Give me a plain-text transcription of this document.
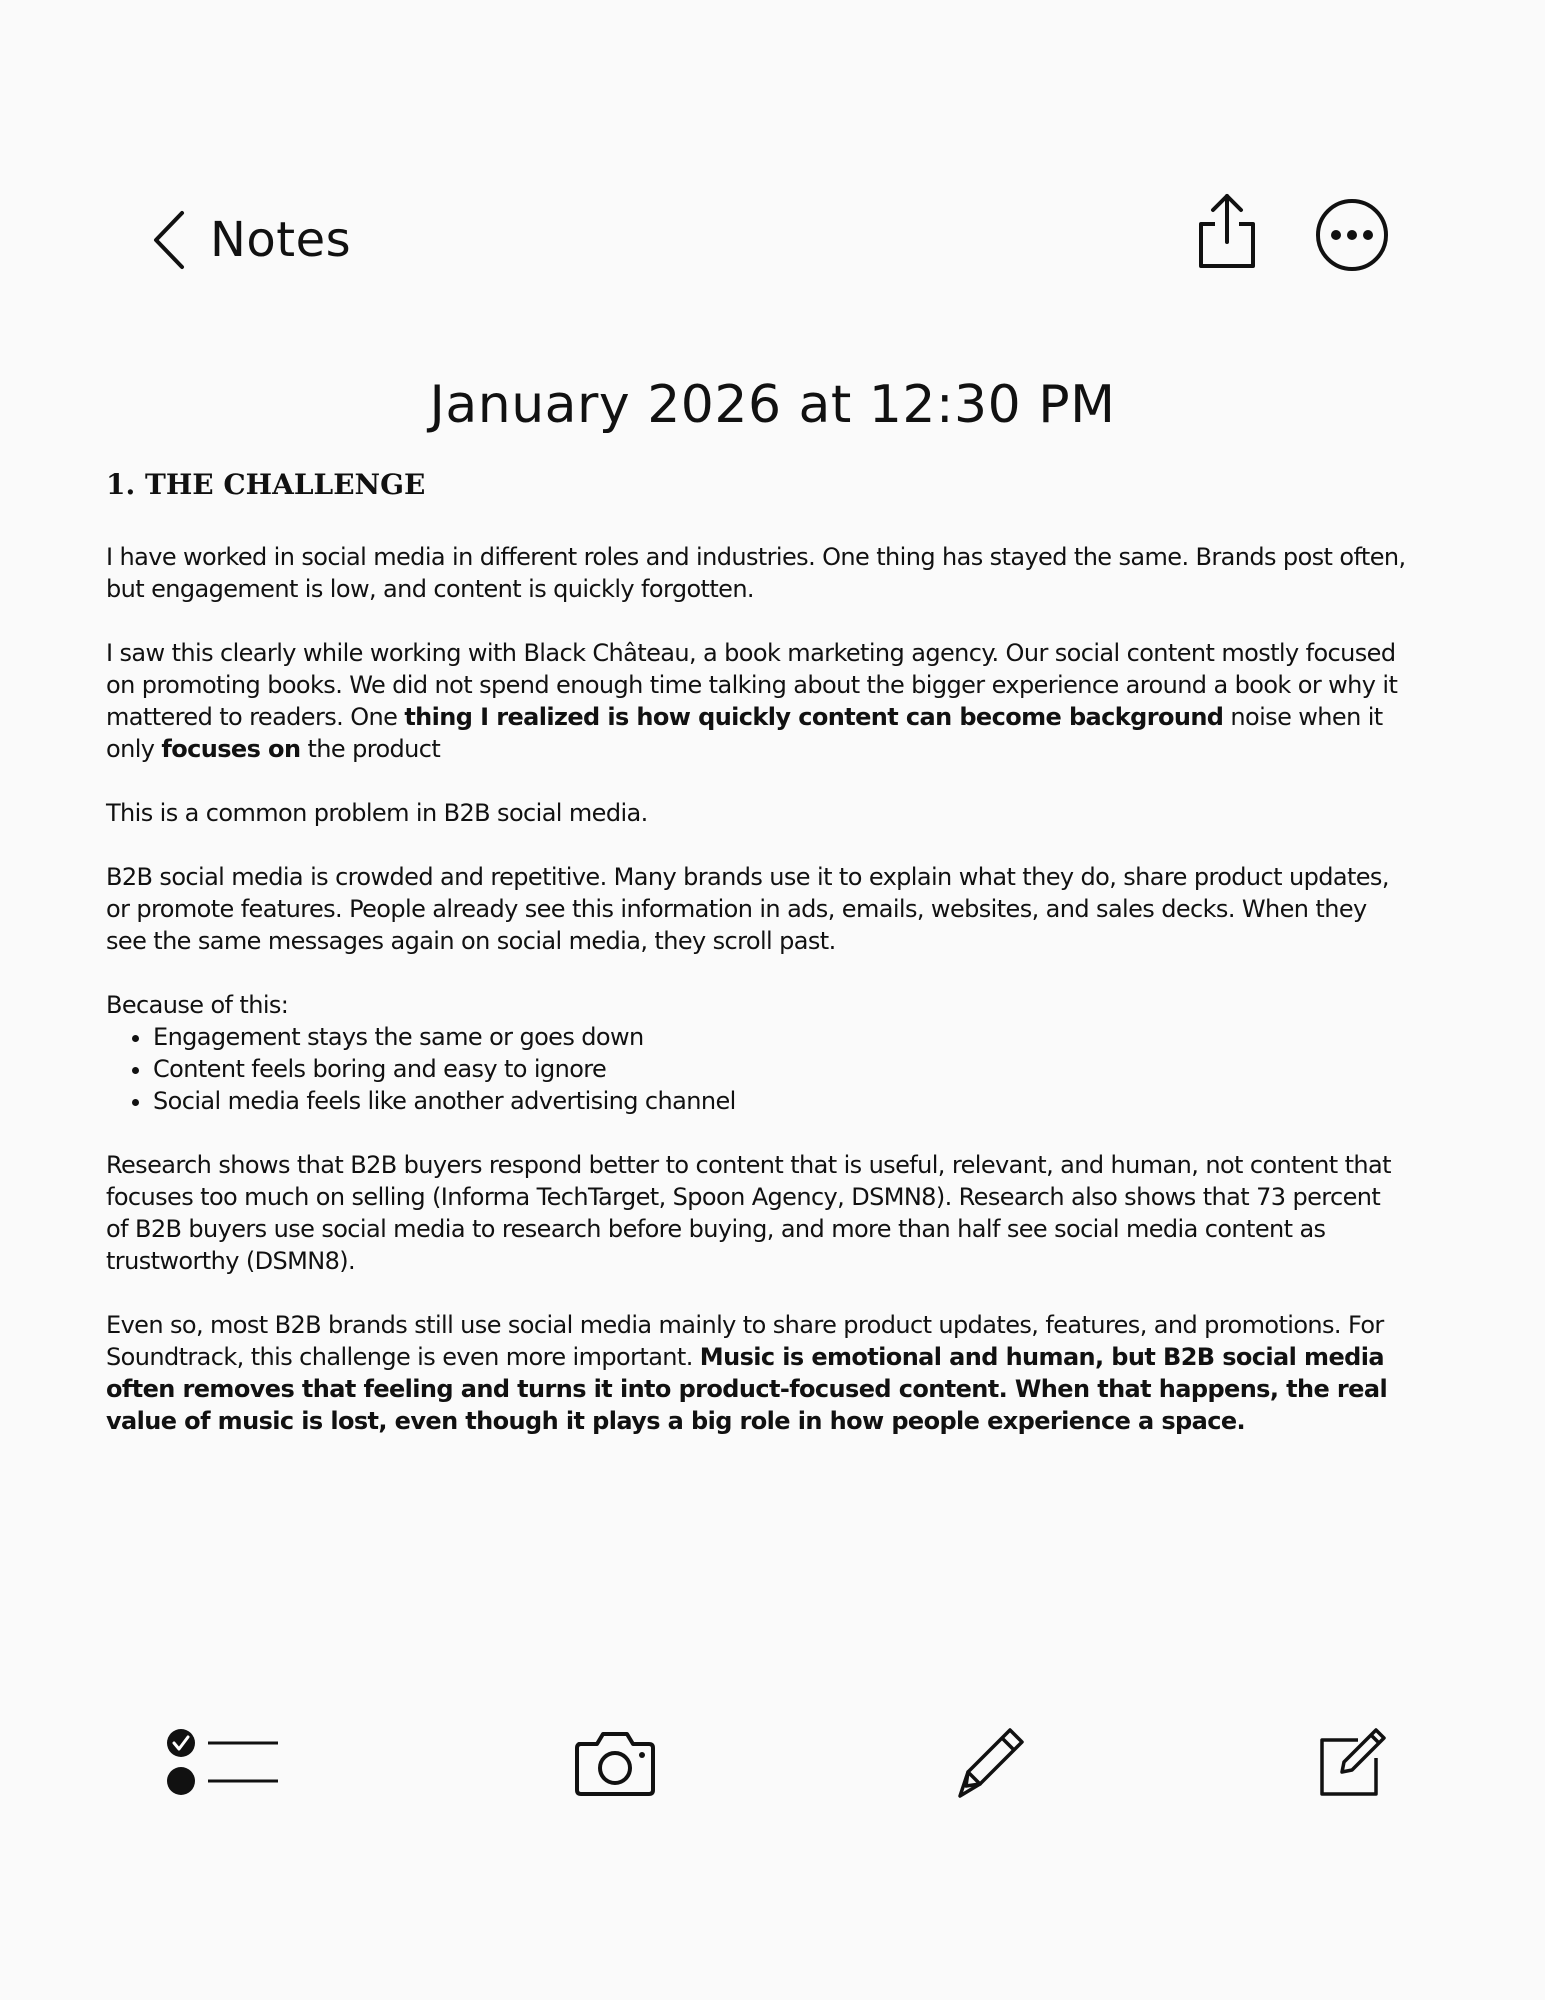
Notes
January 2026 at 12:30 PM
1. THE CHALLENGE

I have worked in social media in different roles and industries. One thing has stayed the same. Brands post often, but engagement is low, and content is quickly forgotten.

I saw this clearly while working with Black Château, a book marketing agency. Our social content mostly focused on promoting books. We did not spend enough time talking about the bigger experience around a book or why it mattered to readers. One thing I realized is how quickly content can become background noise when it only focuses on the product

This is a common problem in B2B social media.

B2B social media is crowded and repetitive. Many brands use it to explain what they do, share product updates, or promote features. People already see this information in ads, emails, websites, and sales decks. When they see the same messages again on social media, they scroll past.

Because of this:

• Engagement stays the same or goes down
• Content feels boring and easy to ignore
• Social media feels like another advertising channel

Research shows that B2B buyers respond better to content that is useful, relevant, and human, not content that focuses too much on selling (Informa TechTarget, Spoon Agency, DSMN8). Research also shows that 73 percent of B2B buyers use social media to research before buying, and more than half see social media content as trustworthy (DSMN8).

Even so, most B2B brands still use social media mainly to share product updates, features, and promotions. For Soundtrack, this challenge is even more important. Music is emotional and human, but B2B social media often removes that feeling and turns it into product-focused content. When that happens, the real value of music is lost, even though it plays a big role in how people experience a space.
